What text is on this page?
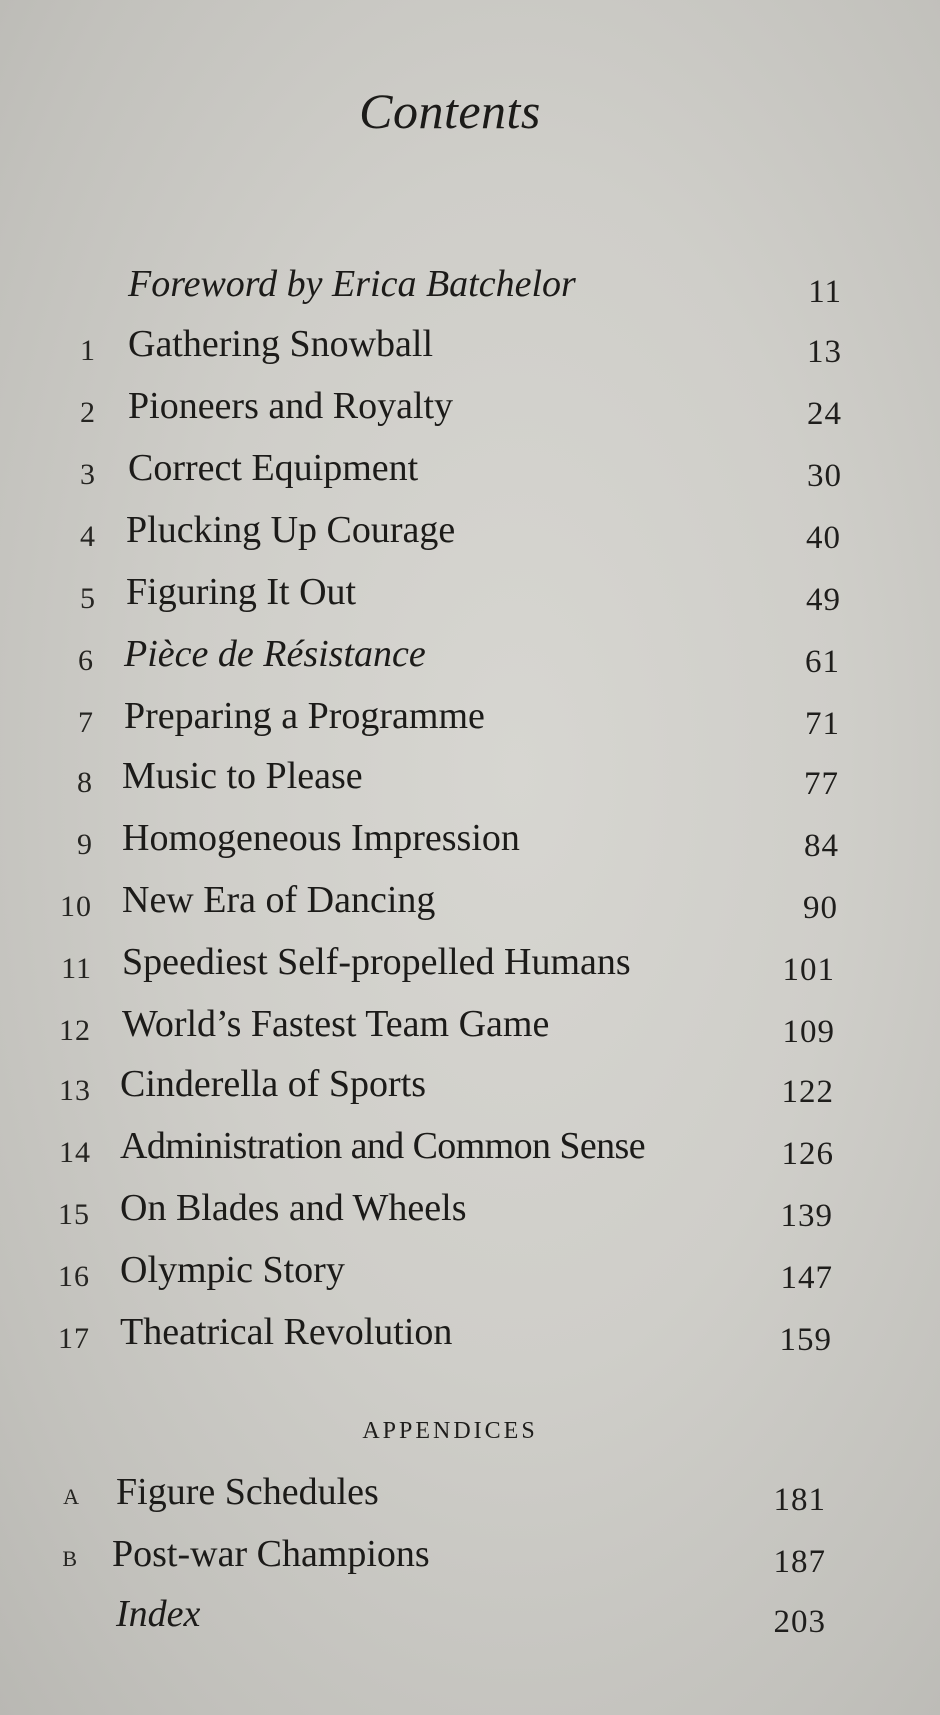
Contents
Foreword by Erica Batchelor	11
1 Gathering Snowball	13
2 Pioneers and Royalty	24
3 Correct Equipment	30
4 Plucking Up Courage	40
5 Figuring It Out	49
6 Pièce de Résistance	61
7 Preparing a Programme	71
8 Music to Please	77
9 Homogeneous Impression	84
10 New Era of Dancing	90
11 Speediest Self-propelled Humans	101
12 World’s Fastest Team Game	109
13 Cinderella of Sports	122
14 Administration and Common Sense	126
15 On Blades and Wheels	139
16 Olympic Story	147
17 Theatrical Revolution	159
APPENDICES
A Figure Schedules	181
B Post-war Champions	187
Index	203
